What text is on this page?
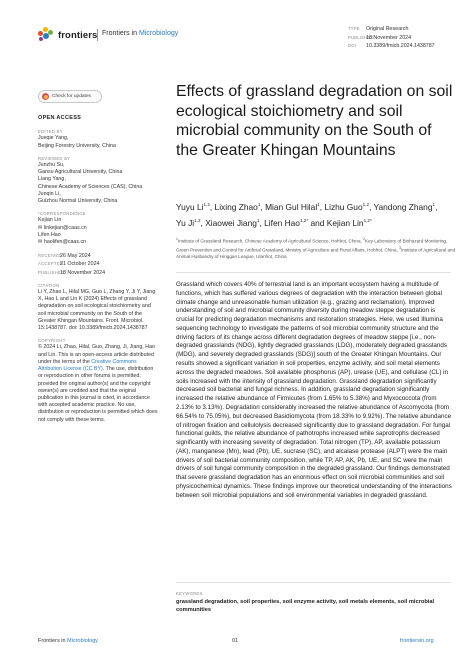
frontiers Frontiers in Microbiology
TYPE Original Research
PUBLISHED18 November 2024
DOI 10.3389/fmicb.2024.1438787
Check for updates
OPEN ACCESS
EDITED BY

Jueqie Yang,

Beijing Forestry University, China

REVIEWED BY

Junzhu Su,

Gansu Agricultural University, China

Liang Yang,

Chinese Academy of Sciences (CAS), China

Junqin Li,

Guizhou Normal University, China

*CORRESPONDENCE

Kejian Lin

✉ linkejian@caas.cn

Lifen Hao

✉ haolifen@caas.cn

RECEIVED26 May 2024

ACCEPTED21 October 2024

PUBLISHED18 November 2024

CITATION

Li Y, Zhao L, Hilal MG, Guo L, Zhang Y, Ji Y, Jiang X, Hao L and Lin K (2024) Effects of grassland degradation on soil ecological stoichiometry and soil microbial community on the South of the Greater Khingan Mountains. Front. Microbiol. 15:1438787. doi: 10.3389/fmicb.2024.1438787

COPYRIGHT

© 2024 Li, Zhao, Hilal, Guo, Zhang, Ji, Jiang, Hao and Lin. This is an open-access article distributed under the terms of the Creative Commons Attribution License (CC BY). The use, distribution or reproduction in other forums is permitted, provided the original author(s) and the copyright owner(s) are credited and that the original publication in this journal is cited, in accordance with accepted academic practice. No use, distribution or reproduction is permitted which does not comply with these terms.

Effects of grassland degradation on soil ecological stoichiometry and soil microbial community on the South of the Greater Khingan Mountains
Yuyu Li$^{1,2}$, Lixing Zhao$^1$, Mian Gul Hilal$^1$, Lizhu Guo$^{1,2}$, Yandong Zhang$^1$, Yu Ji$^{1,2}$, Xiaowei Jiang$^1$, Lifen Hao$^{1,2*}$ and Kejian Lin$^{1,2*}$
$^1$Institute of Grassland Research, Chinese Academy of Agricultural Science, Hohhot, China, $^2$Key Laboratory of Biohazard Monitoring, Green Prevention and Control for Artificial Grassland, Ministry of Agriculture and Rural Affairs, Hohhot, China, $^3$Institute of Agricultural and Animal Husbandry of Hinggan League, Ulanhot, China
Grassland which covers 40% of terrestrial land is an important ecosystem having a multitude of functions, which has suffered various degrees of degradation with the interaction between global climate change and unreasonable human utilization (e.g., grazing and reclamation). Improved understanding of soil and microbial community diversity during meadow steppe degradation is crucial for predicting degradation mechanisms and restoration strategies. Here, we used Illumina sequencing technology to investigate the patterns of soil microbial community structure and the driving factors of its change across different degradation degrees of meadow steppe [i.e., non-degraded grasslands (NDG), lightly degraded grasslands (LDG), moderately degraded grasslands (MDG), and severely degraded grasslands (SDG)] south of the Greater Khingan Mountains. Our results showed a significant variation in soil properties, enzyme activity, and soil metal elements across the degraded meadows. Soil available phosphorus (AP), urease (UE), and cellulase (CL) in soils increased with the intensity of grassland degradation. Grassland degradation significantly decreased soil bacterial and fungal richness. In addition, grassland degradation significantly increased the relative abundance of Firmicutes (from 1.65% to 5.38%) and Myxococcota (from 2.13% to 3.13%). Degradation considerably increased the relative abundance of Ascomycota (from 66.54% to 75.05%), but decreased Basidiomycota (from 18.33% to 9.92%). The relative abundance of nitrogen fixation and cellulolysis decreased significantly due to grassland degradation. For fungal functional guilds, the relative abundance of pathotrophs increased while saprotrophs decreased significantly with increasing severity of degradation. Total nitrogen (TP), AP, available potassium (AK), manganese (Mn), lead (Pb), UE, sucrase (SC), and alcalase protease (ALPT) were the main drivers of soil bacterial community composition, while TP, AP, AK, Pb, UE, and SC were the main drivers of soil fungal community composition in the degraded grassland. Our findings demonstrated that severe grassland degradation has an enormous effect on soil microbial communities and soil physicochemical dynamics. These findings improve our theoretical understanding of the interactions between soil microbial populations and soil environmental variables in degraded grassland.
KEYWORDS
grassland degradation, soil properties, soil enzyme activity, soil metals elements, soil microbial communities
Frontiers in Microbiology	01	frontiersin.org
